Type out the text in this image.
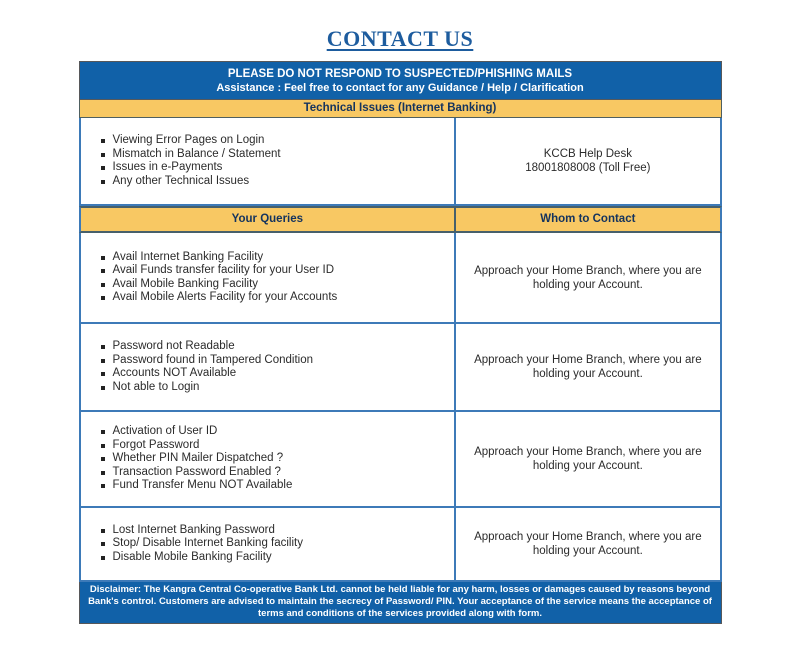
CONTACT US
PLEASE DO NOT RESPOND TO SUSPECTED/PHISHING MAILS
Assistance : Feel free to contact for any Guidance / Help / Clarification
Technical Issues (Internet Banking)
Viewing Error Pages on Login
Mismatch in Balance / Statement
Issues in e-Payments
Any other Technical Issues
KCCB Help Desk
18001808008 (Toll Free)
Your Queries	Whom to Contact
Avail Internet Banking Facility
Avail Funds transfer facility for your User ID
Avail Mobile Banking Facility
Avail Mobile Alerts Facility for your Accounts
Approach your Home Branch, where you are holding your Account.
Password not Readable
Password found in Tampered Condition
Accounts NOT Available
Not able to Login
Approach your Home Branch, where you are holding your Account.
Activation of User ID
Forgot Password
Whether PIN Mailer Dispatched ?
Transaction Password Enabled ?
Fund Transfer Menu NOT Available
Approach your Home Branch, where you are holding your Account.
Lost Internet Banking Password
Stop/ Disable Internet Banking facility
Disable Mobile Banking Facility
Approach your Home Branch, where you are holding your Account.
Disclaimer: The Kangra Central Co-operative Bank Ltd. cannot be held liable for any harm, losses or damages caused by reasons beyond Bank's control. Customers are advised to maintain the secrecy of Password/ PIN. Your acceptance of the service means the acceptance of terms and conditions of the services provided along with form.
